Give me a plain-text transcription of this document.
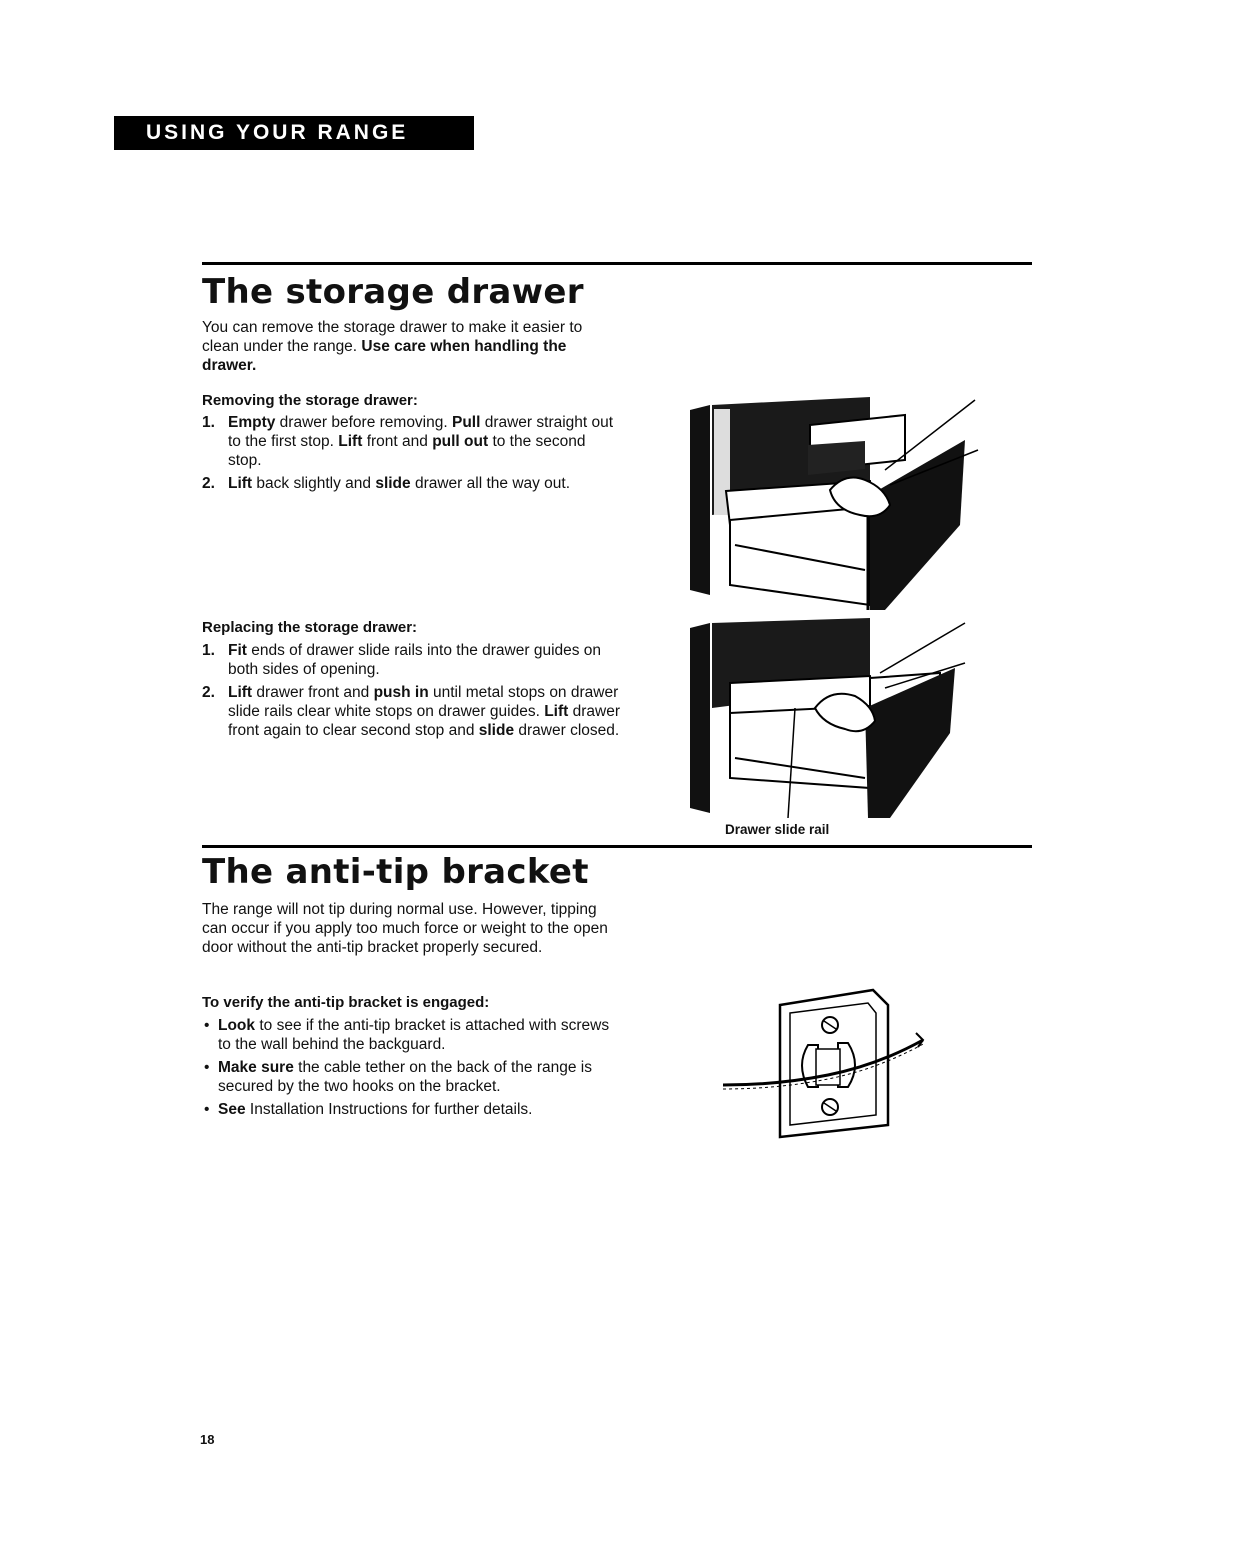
USING YOUR RANGE
The storage drawer

You can remove the storage drawer to make it easier to clean under the range. Use care when handling the drawer.

Removing the storage drawer:

1. Empty drawer before removing. Pull drawer straight out to the first stop. Lift front and pull out to the second stop.
2. Lift back slightly and slide drawer all the way out.

Replacing the storage drawer:

1. Fit ends of drawer slide rails into the drawer guides on both sides of opening.
2. Lift drawer front and push in until metal stops on drawer slide rails clear white stops on drawer guides. Lift drawer front again to clear second stop and slide drawer closed.
Drawer slide rail
The anti-tip bracket

The range will not tip during normal use. However, tipping can occur if you apply too much force or weight to the open door without the anti-tip bracket properly secured.

To verify the anti-tip bracket is engaged:

• Look to see if the anti-tip bracket is attached with screws to the wall behind the backguard.
• Make sure the cable tether on the back of the range is secured by the two hooks on the bracket.
• See Installation Instructions for further details.
18
